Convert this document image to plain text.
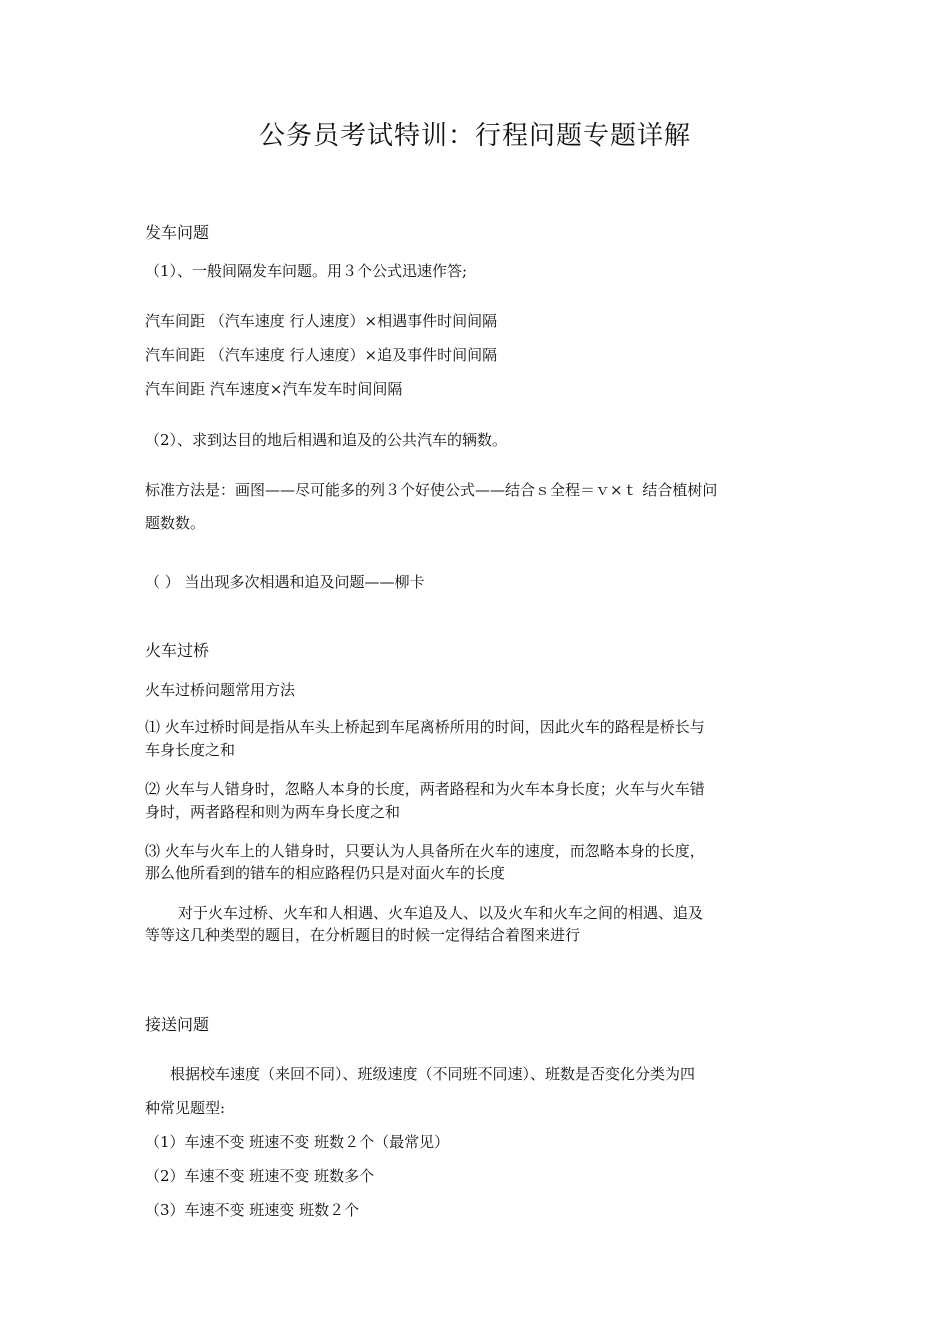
公务员考试特训：行程问题专题详解
发车问题

（1）、一般间隔发车问题。用３个公式迅速作答;

汽车间距 （汽车速度 行人速度）×相遇事件时间间隔

汽车间距 （汽车速度 行人速度）×追及事件时间间隔

汽车间距 汽车速度×汽车发车时间间隔

（2）、求到达目的地后相遇和追及的公共汽车的辆数。

标准方法是：画图——尽可能多的列３个好使公式——结合ｓ全程＝ｖ×ｔ 结合植树问

题数数。

（ ） 当出现多次相遇和追及问题——柳卡

火车过桥

火车过桥问题常用方法

⑴ 火车过桥时间是指从车头上桥起到车尾离桥所用的时间，因此火车的路程是桥长与

车身长度之和

⑵ 火车与人错身时，忽略人本身的长度，两者路程和为火车本身长度；火车与火车错

身时，两者路程和则为两车身长度之和

⑶ 火车与火车上的人错身时，只要认为人具备所在火车的速度，而忽略本身的长度，

那么他所看到的错车的相应路程仍只是对面火车的长度

对于火车过桥、火车和人相遇、火车追及人、以及火车和火车之间的相遇、追及

等等这几种类型的题目，在分析题目的时候一定得结合着图来进行

接送问题

根据校车速度（来回不同）、班级速度（不同班不同速）、班数是否变化分类为四

种常见题型:

（1）车速不变 班速不变 班数２个（最常见）

（2）车速不变 班速不变 班数多个

（3）车速不变 班速变 班数２个
